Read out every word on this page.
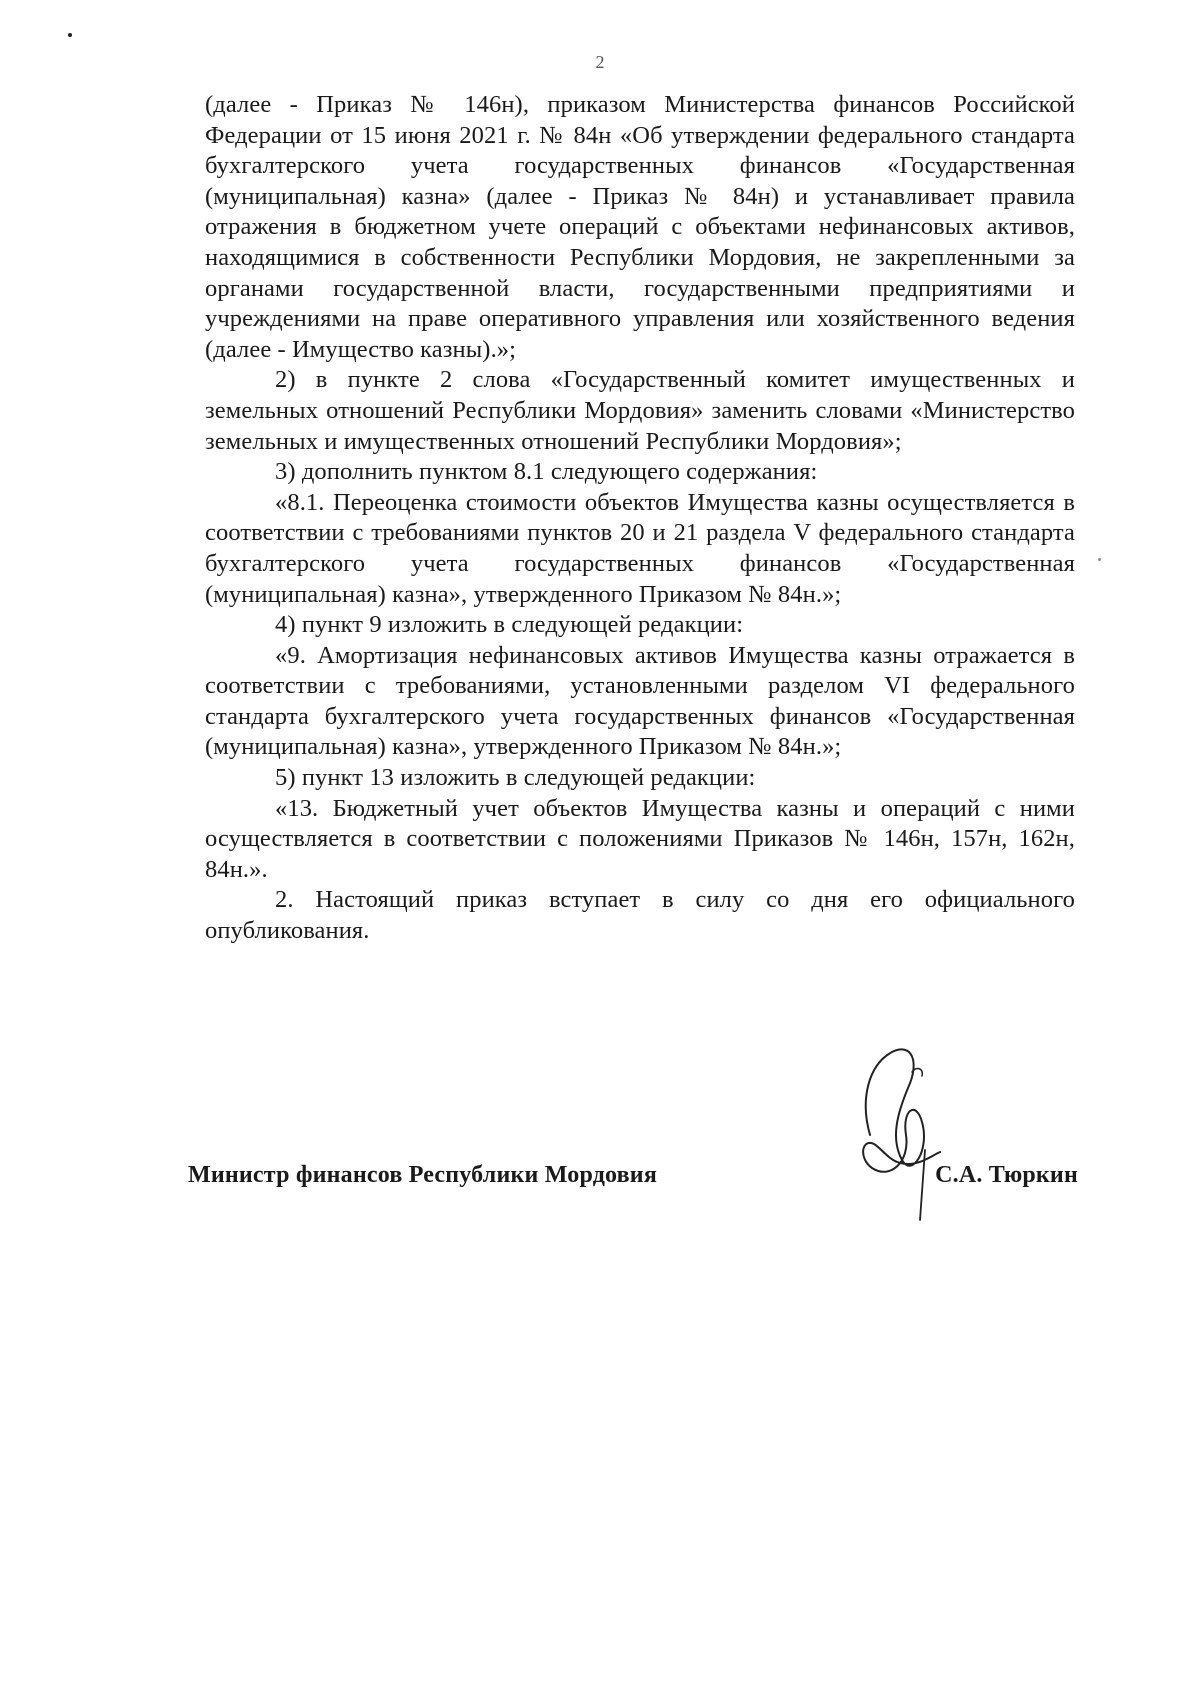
2

(далее - Приказ № 146н), приказом Министерства финансов Российской Федерации от 15 июня 2021 г. № 84н «Об утверждении федерального стандарта бухгалтерского учета государственных финансов «Государственная (муниципальная) казна» (далее - Приказ № 84н) и устанавливает правила отражения в бюджетном учете операций с объектами нефинансовых активов, находящимися в собственности Республики Мордовия, не закрепленными за органами государственной власти, государственными предприятиями и учреждениями на праве оперативного управления или хозяйственного ведения (далее - Имущество казны).»;

2) в пункте 2 слова «Государственный комитет имущественных и земельных отношений Республики Мордовия» заменить словами «Министерство земельных и имущественных отношений Республики Мордовия»;

3) дополнить пунктом 8.1 следующего содержания:

«8.1. Переоценка стоимости объектов Имущества казны осуществляется в соответствии с требованиями пунктов 20 и 21 раздела V федерального стандарта бухгалтерского учета государственных финансов «Государственная (муниципальная) казна», утвержденного Приказом № 84н.»;

4) пункт 9 изложить в следующей редакции:

«9. Амортизация нефинансовых активов Имущества казны отражается в соответствии с требованиями, установленными разделом VI федерального стандарта бухгалтерского учета государственных финансов «Государственная (муниципальная) казна», утвержденного Приказом № 84н.»;

5) пункт 13 изложить в следующей редакции:

«13. Бюджетный учет объектов Имущества казны и операций с ними осуществляется в соответствии с положениями Приказов № 146н, 157н, 162н, 84н.».

2. Настоящий приказ вступает в силу со дня его официального опубликования.

Министр финансов Республики Мордовия	С.А. Тюркин
